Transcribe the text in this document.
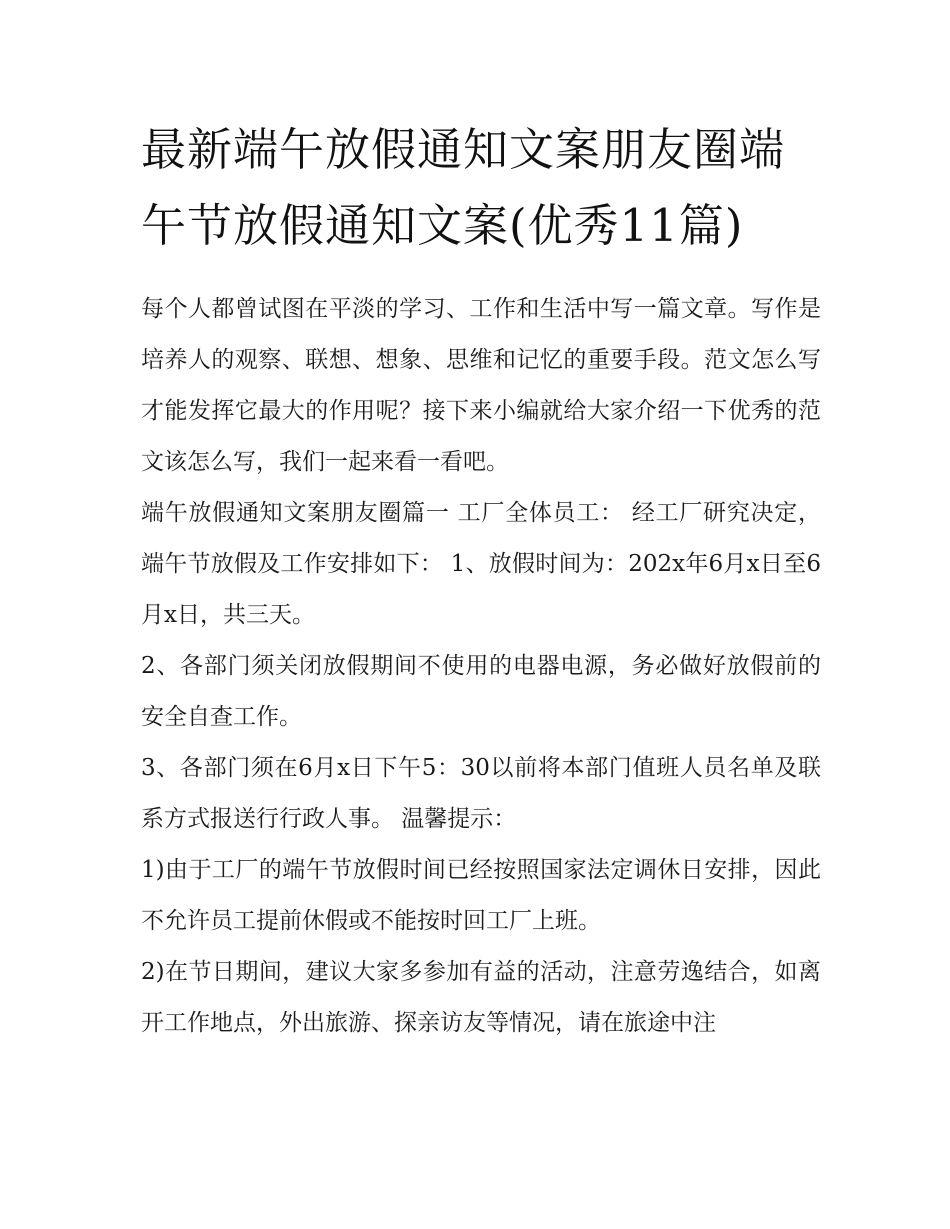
最新端午放假通知文案朋友圈端午节放假通知文案(优秀11篇)

每个人都曾试图在平淡的学习、工作和生活中写一篇文章。写作是培养人的观察、联想、想象、思维和记忆的重要手段。范文怎么写才能发挥它最大的作用呢？接下来小编就给大家介绍一下优秀的范文该怎么写，我们一起来看一看吧。

端午放假通知文案朋友圈篇一 工厂全体员工： 经工厂研究决定，端午节放假及工作安排如下： 1、放假时间为：202x年6月x日至6月x日，共三天。

2、各部门须关闭放假期间不使用的电器电源，务必做好放假前的安全自查工作。

3、各部门须在6月x日下午5：30以前将本部门值班人员名单及联系方式报送行行政人事。 温馨提示：

1)由于工厂的端午节放假时间已经按照国家法定调休日安排，因此不允许员工提前休假或不能按时回工厂上班。

2)在节日期间，建议大家多参加有益的活动，注意劳逸结合，如离开工作地点，外出旅游、探亲访友等情况，请在旅途中注
